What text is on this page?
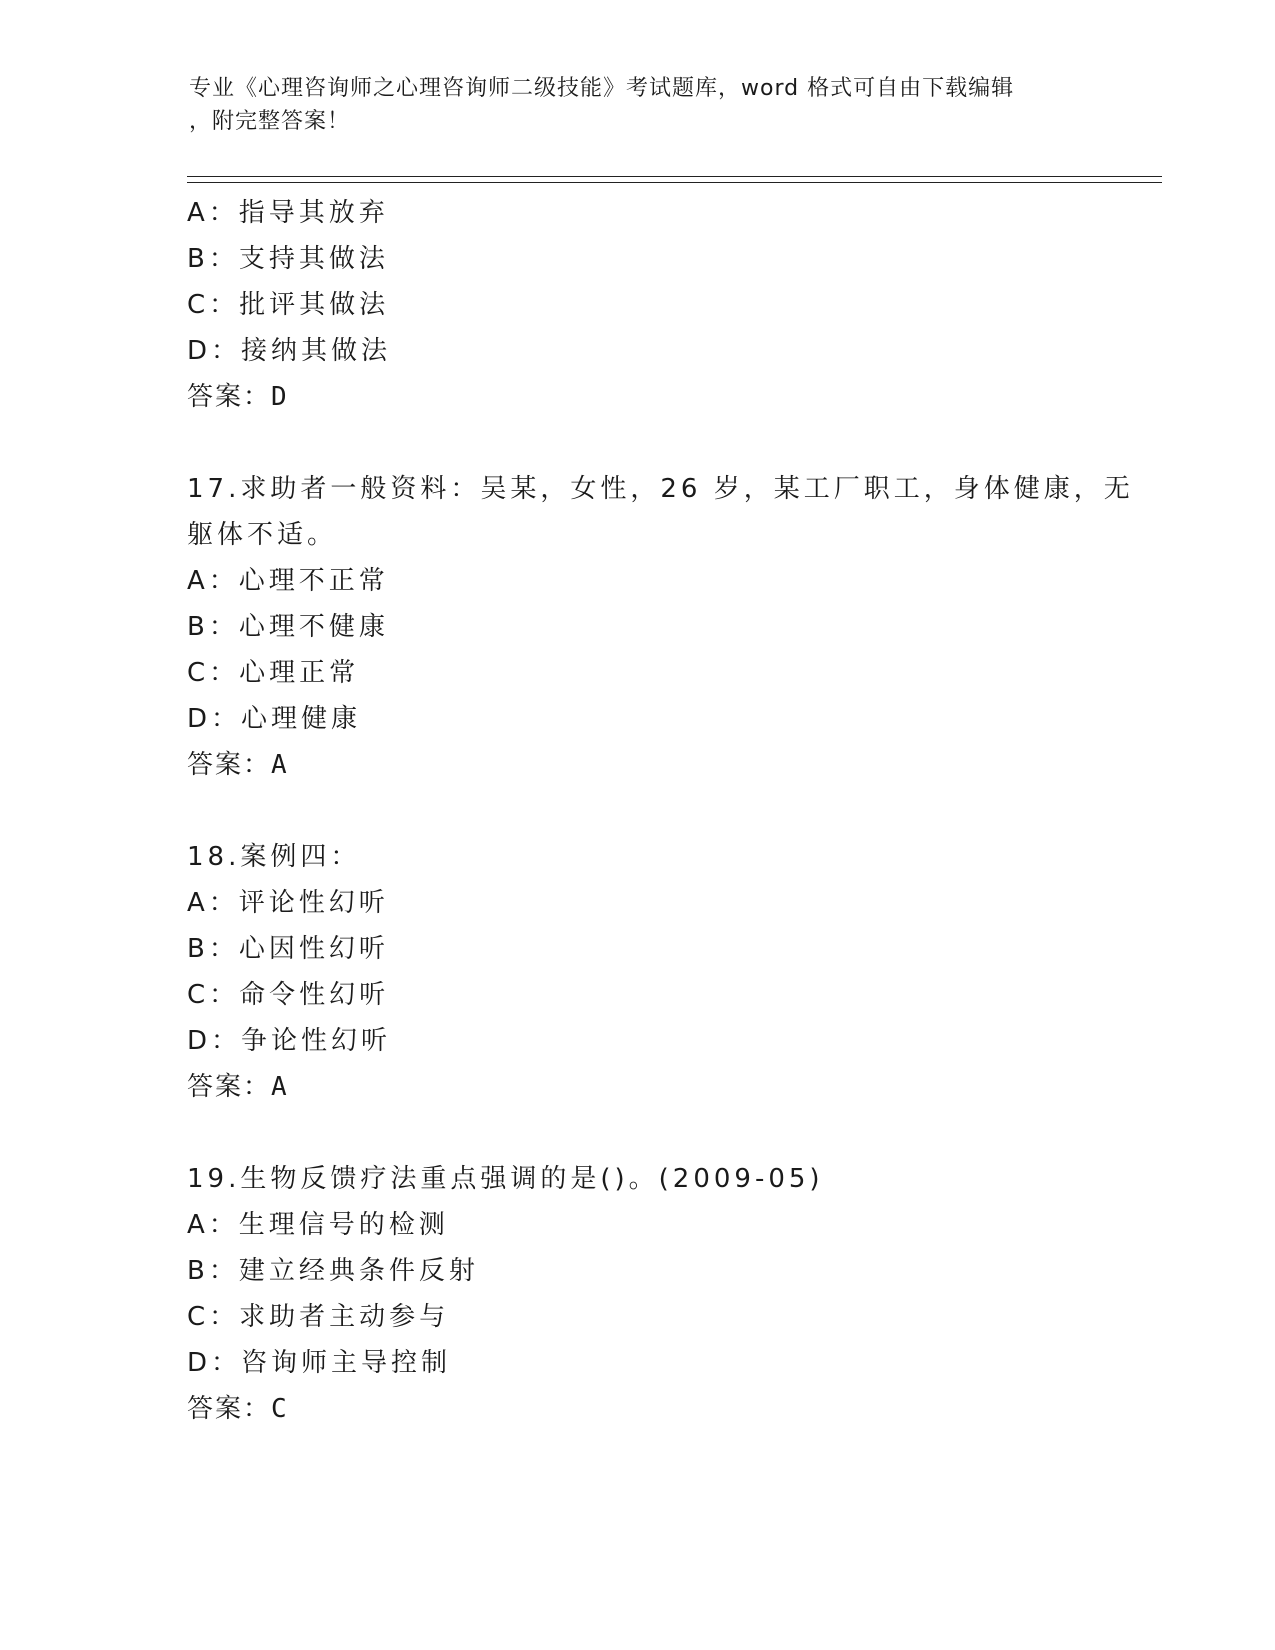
专业《心理咨询师之心理咨询师二级技能》考试题库，word 格式可自由下载编辑
，附完整答案！
A：指导其放弃
B：支持其做法
C：批评其做法
D：接纳其做法
答案：D
17.求助者一般资料：吴某，女性，26 岁，某工厂职工，身体健康，无
躯体不适。
A：心理不正常
B：心理不健康
C：心理正常
D：心理健康
答案：A
18.案例四：
A：评论性幻听
B：心因性幻听
C：命令性幻听
D：争论性幻听
答案：A
19.生物反馈疗法重点强调的是()。(2009-05)
A：生理信号的检测
B：建立经典条件反射
C：求助者主动参与
D：咨询师主导控制
答案：C
